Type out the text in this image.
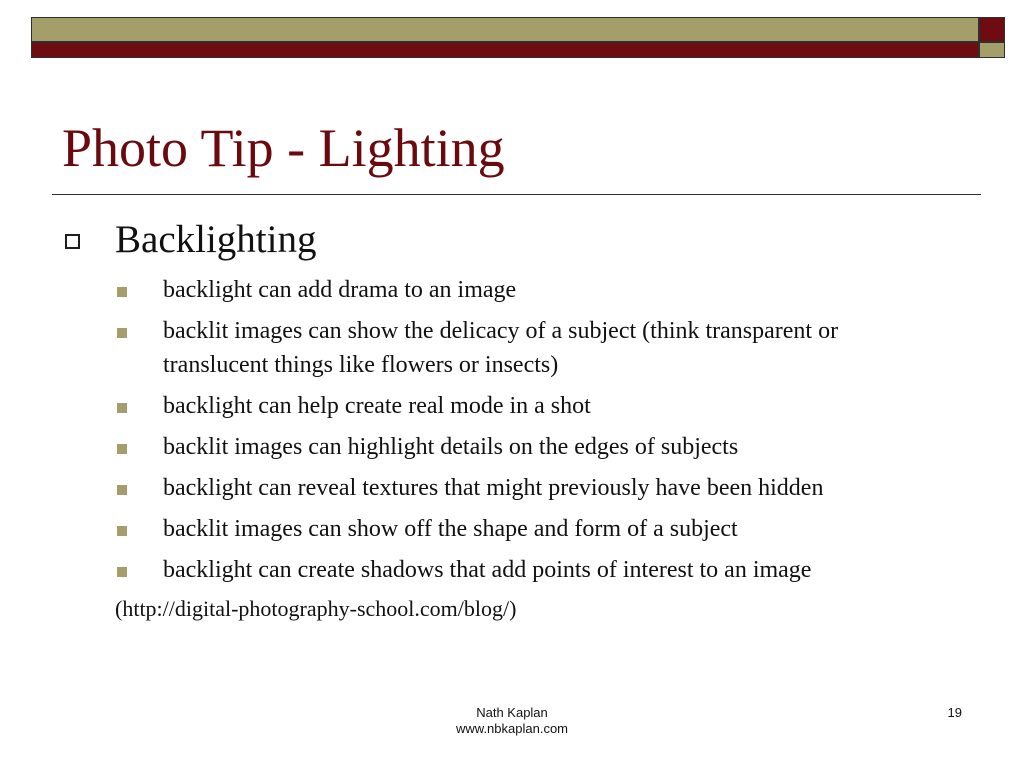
Photo Tip - Lighting
Backlighting
backlight can add drama to an image
backlit images can show the delicacy of a subject (think transparent or
translucent things like flowers or insects)
backlight can help create real mode in a shot
backlit images can highlight details on the edges of subjects
backlight can reveal textures that might previously have been hidden
backlit images can show off the shape and form of a subject
backlight can create shadows that add points of interest to an image

(http://digital-photography-school.com/blog/)

Nath Kaplan
www.nbkaplan.com
19
